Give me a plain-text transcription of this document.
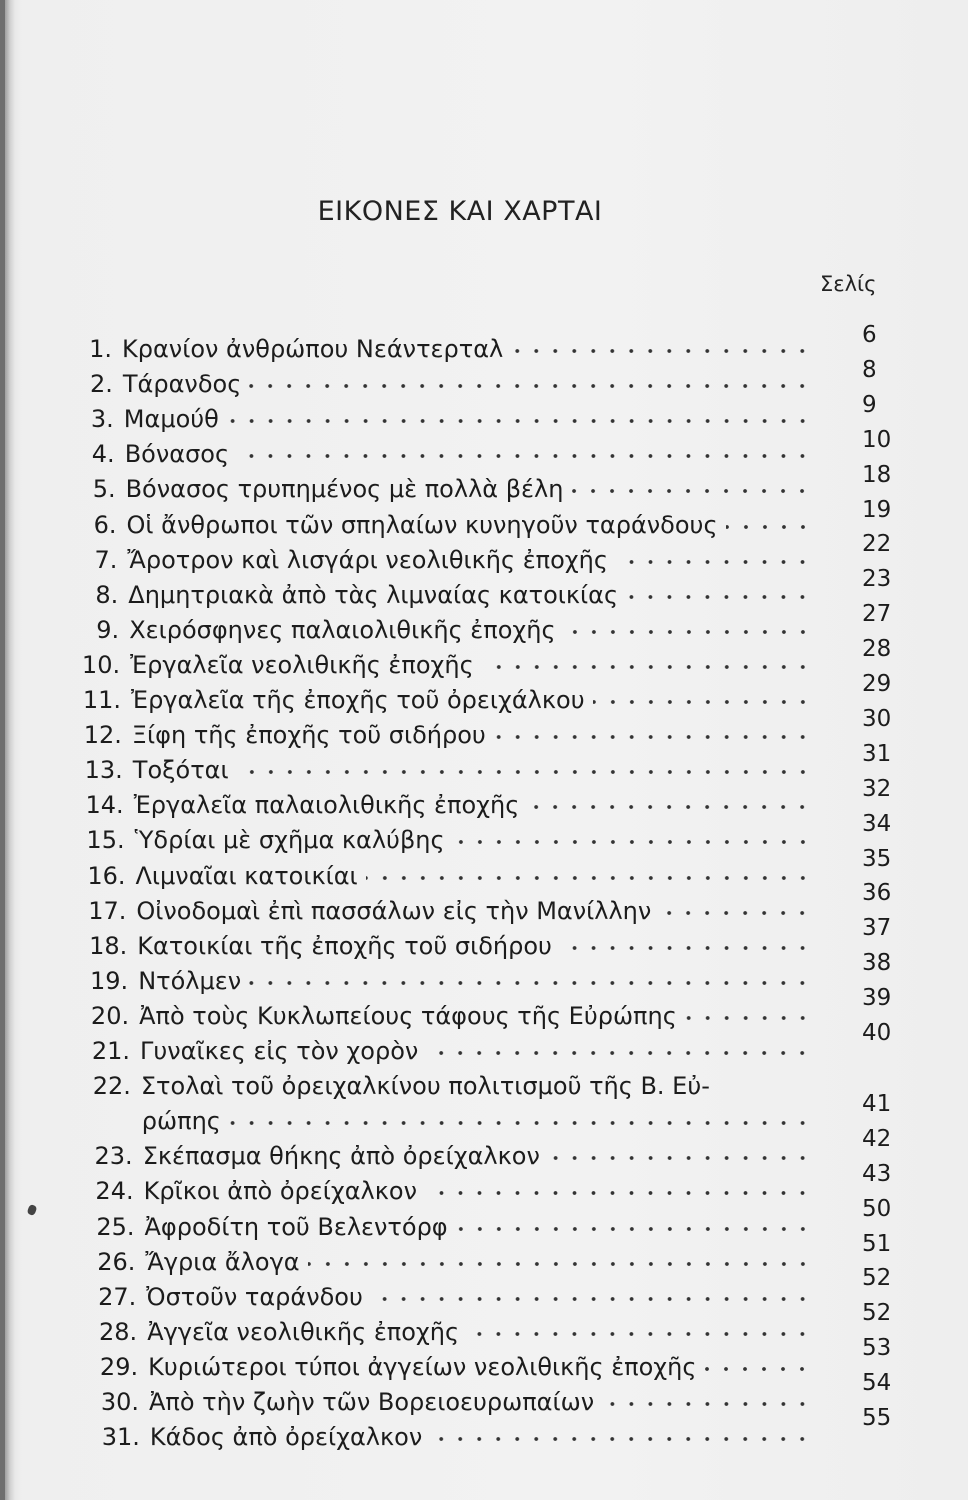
ΕΙΚΟΝΕΣ ΚΑΙ ΧΑΡΤΑΙ
Σελίς
1. Κρανίον ἀνθρώπου Νεάντερταλ	6
2. Τάρανδος
8
3. Μαμούθ
9
4. Βόνασος
10
5. Βόνασος τρυπημένος μὲ πολλὰ βέλη
18
6. Οἱ ἄνθρωποι τῶν σπηλαίων κυνηγοῦν ταράνδους
19
7. Ἄροτρον καὶ λισγάρι νεολιθικῆς ἐποχῆς
22
8. Δημητριακὰ ἀπὸ τὰς λιμναίας κατοικίας
23
9. Χειρόσφηνες παλαιολιθικῆς ἐποχῆς
27
10. Ἐργαλεῖα νεολιθικῆς ἐποχῆς
28
11. Ἐργαλεῖα τῆς ἐποχῆς τοῦ ὀρειχάλκου
29
12. Ξίφη τῆς ἐποχῆς τοῦ σιδήρου
30
13. Τοξόται
31
14. Ἐργαλεῖα παλαιολιθικῆς ἐποχῆς
32
15. Ὑδρίαι μὲ σχῆμα καλύβης
34
16. Λιμναῖαι κατοικίαι
35
17. Οἰνοδομαὶ ἐπὶ πασσάλων εἰς τὴν Μανίλλην
36
18. Κατοικίαι τῆς ἐποχῆς τοῦ σιδήρου
37
19. Ντόλμεν
38
20. Ἀπὸ τοὺς Κυκλωπείους τάφους τῆς Εὐρώπης
39
21. Γυναῖκες εἰς τὸν χορὸν
40
22. Στολαὶ τοῦ ὀρειχαλκίνου πολιτισμοῦ τῆς Β. Εὐ-
ρώπης
41
23. Σκέπασμα θήκης ἀπὸ ὀρείχαλκον
42
24. Κρῖκοι ἀπὸ ὀρείχαλκον
43
25. Ἀφροδίτη τοῦ Βελεντόρφ
50
26. Ἄγρια ἄλογα
51
27. Ὀστοῦν ταράνδου
52
28. Ἀγγεῖα νεολιθικῆς ἐποχῆς
52
29. Κυριώτεροι τύποι ἀγγείων νεολιθικῆς ἐποχῆς
53
30. Ἀπὸ τὴν ζωὴν τῶν Βορειοευρωπαίων
54
31. Κάδος ἀπὸ ὀρείχαλκον
55
